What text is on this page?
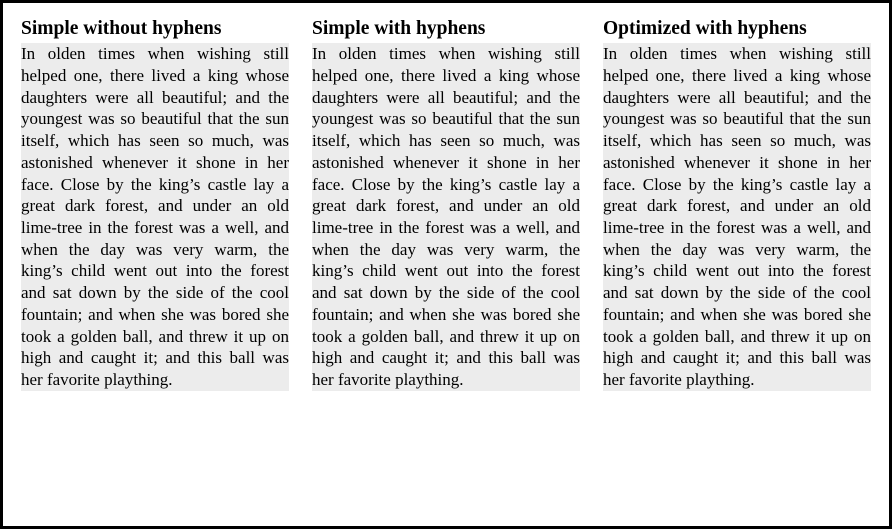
Simple without hyphens

In olden times when wishing still helped one, there lived a king whose daughters were all beautiful; and the youngest was so beautiful that the sun itself, which has seen so much, was astonished whenever it shone in her face. Close by the king’s castle lay a great dark forest, and under an old lime-tree in the forest was a well, and when the day was very warm, the king’s child went out into the forest and sat down by the side of the cool fountain; and when she was bored she took a golden ball, and threw it up on high and caught it; and this ball was her favorite plaything.

Simple with hyphens

In olden times when wishing still helped one, there lived a king whose daughters were all beautiful; and the youngest was so beautiful that the sun itself, which has seen so much, was astonished whenever it shone in her face. Close by the king’s castle lay a great dark forest, and under an old lime-tree in the forest was a well, and when the day was very warm, the king’s child went out into the forest and sat down by the side of the cool fountain; and when she was bored she took a golden ball, and threw it up on high and caught it; and this ball was her favorite plaything.

Optimized with hyphens

In olden times when wishing still helped one, there lived a king whose daughters were all beautiful; and the youngest was so beautiful that the sun itself, which has seen so much, was astonished whenever it shone in her face. Close by the king’s castle lay a great dark forest, and under an old lime-tree in the forest was a well, and when the day was very warm, the king’s child went out into the forest and sat down by the side of the cool fountain; and when she was bored she took a golden ball, and threw it up on high and caught it; and this ball was her favorite plaything.
